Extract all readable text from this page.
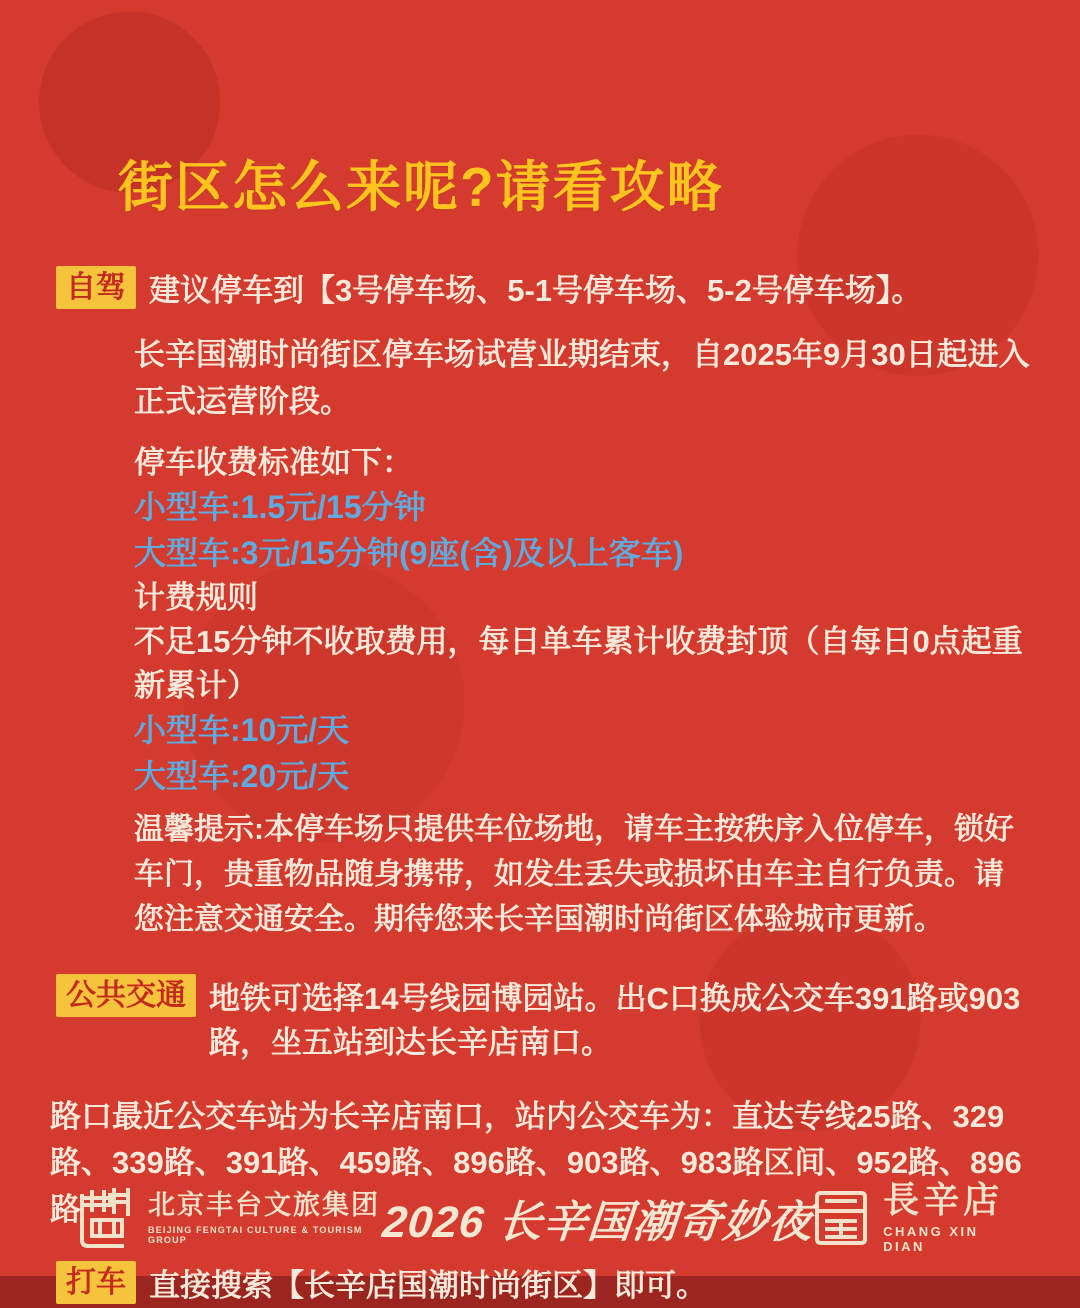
街区怎么来呢?请看攻略
自驾 建议停车到【3号停车场、5-1号停车场、5-2号停车场】。

长辛国潮时尚街区停车场试营业期结束，自2025年9月30日起进入正式运营阶段。

停车收费标准如下：

小型车:1.5元/15分钟

大型车:3元/15分钟(9座(含)及以上客车)

计费规则

不足15分钟不收取费用，每日单车累计收费封顶（自每日0点起重新累计）

小型车:10元/天

大型车:20元/天

温馨提示:本停车场只提供车位场地，请车主按秩序入位停车，锁好车门，贵重物品随身携带，如发生丢失或损坏由车主自行负责。请您注意交通安全。期待您来长辛国潮时尚街区体验城市更新。

公共交通 地铁可选择14号线园博园站。出C口换成公交车391路或903路，坐五站到达长辛店南口。

路口最近公交车站为长辛店南口，站内公交车为：直达专线25路、329路、339路、391路、459路、896路、903路、983路区间、952路、896路

打车 直接搜索【长辛店国潮时尚街区】即可。

北京丰台文旅集团
BEIJING FENGTAI CULTURE & TOURISM GROUP	2026 长辛国潮奇妙夜 長辛店
CHANG XIN DIAN
